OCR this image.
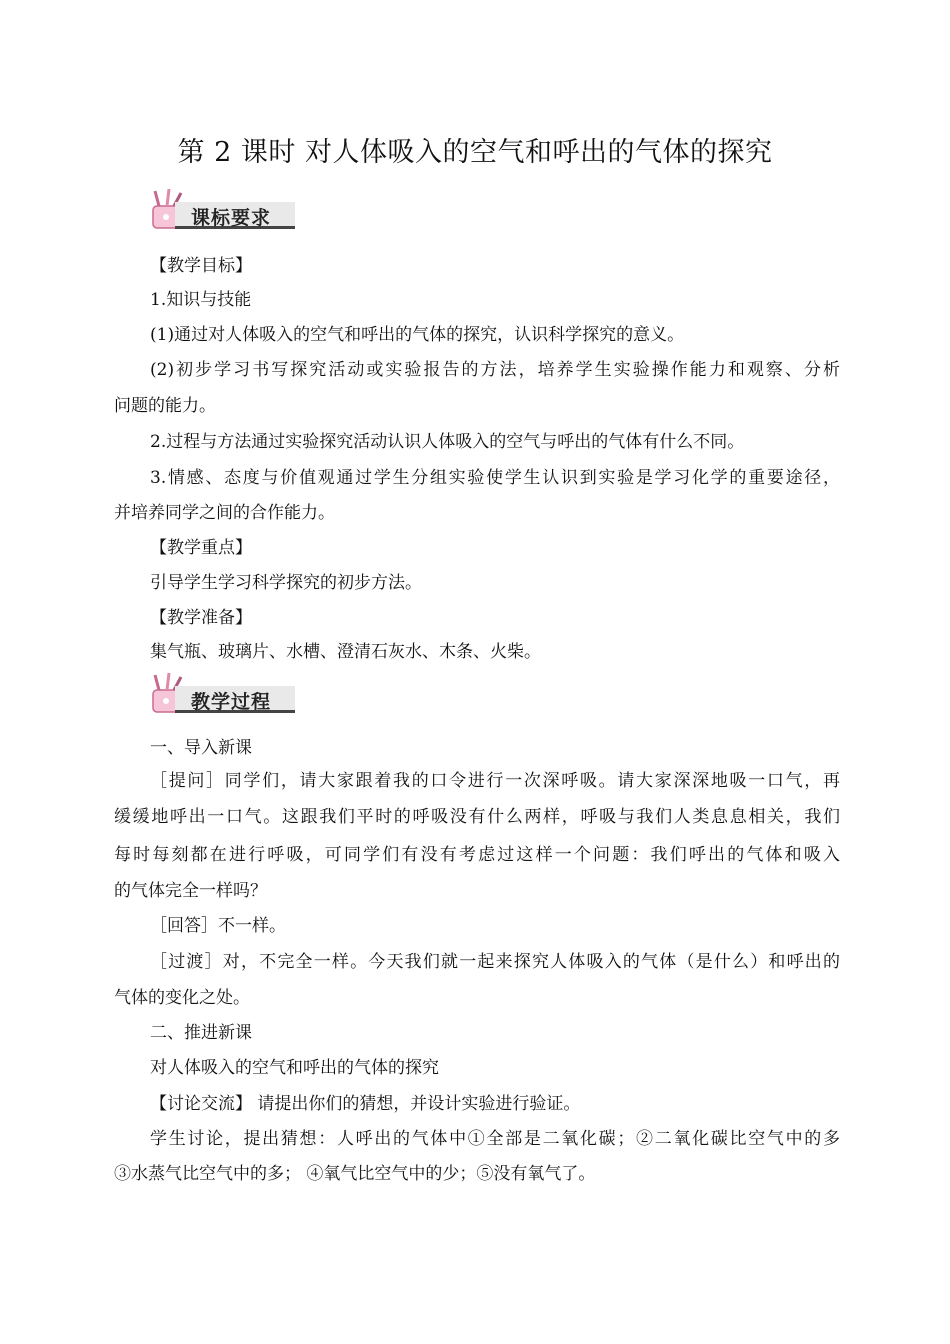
第 2 课时 对人体吸入的空气和呼出的气体的探究
课标要求
【教学目标】
1.知识与技能
(1)通过对人体吸入的空气和呼出的气体的探究，认识科学探究的意义。
(2)初步学习书写探究活动或实验报告的方法，培养学生实验操作能力和观察、分析
问题的能力。
2.过程与方法通过实验探究活动认识人体吸入的空气与呼出的气体有什么不同。
3.情感、态度与价值观通过学生分组实验使学生认识到实验是学习化学的重要途径，
并培养同学之间的合作能力。
【教学重点】
引导学生学习科学探究的初步方法。
【教学准备】
集气瓶、玻璃片、水槽、澄清石灰水、木条、火柴。
教学过程
一、导入新课
［提问］同学们，请大家跟着我的口令进行一次深呼吸。请大家深深地吸一口气，再
缓缓地呼出一口气。这跟我们平时的呼吸没有什么两样，呼吸与我们人类息息相关，我们
每时每刻都在进行呼吸，可同学们有没有考虑过这样一个问题：我们呼出的气体和吸入
的气体完全一样吗？
［回答］不一样。
［过渡］对，不完全一样。今天我们就一起来探究人体吸入的气体（是什么）和呼出的
气体的变化之处。
二、推进新课
对人体吸入的空气和呼出的气体的探究
【讨论交流】 请提出你们的猜想，并设计实验进行验证。
学生讨论，提出猜想：人呼出的气体中①全部是二氧化碳；②二氧化碳比空气中的多
③水蒸气比空气中的多； ④氧气比空气中的少；⑤没有氧气了。
